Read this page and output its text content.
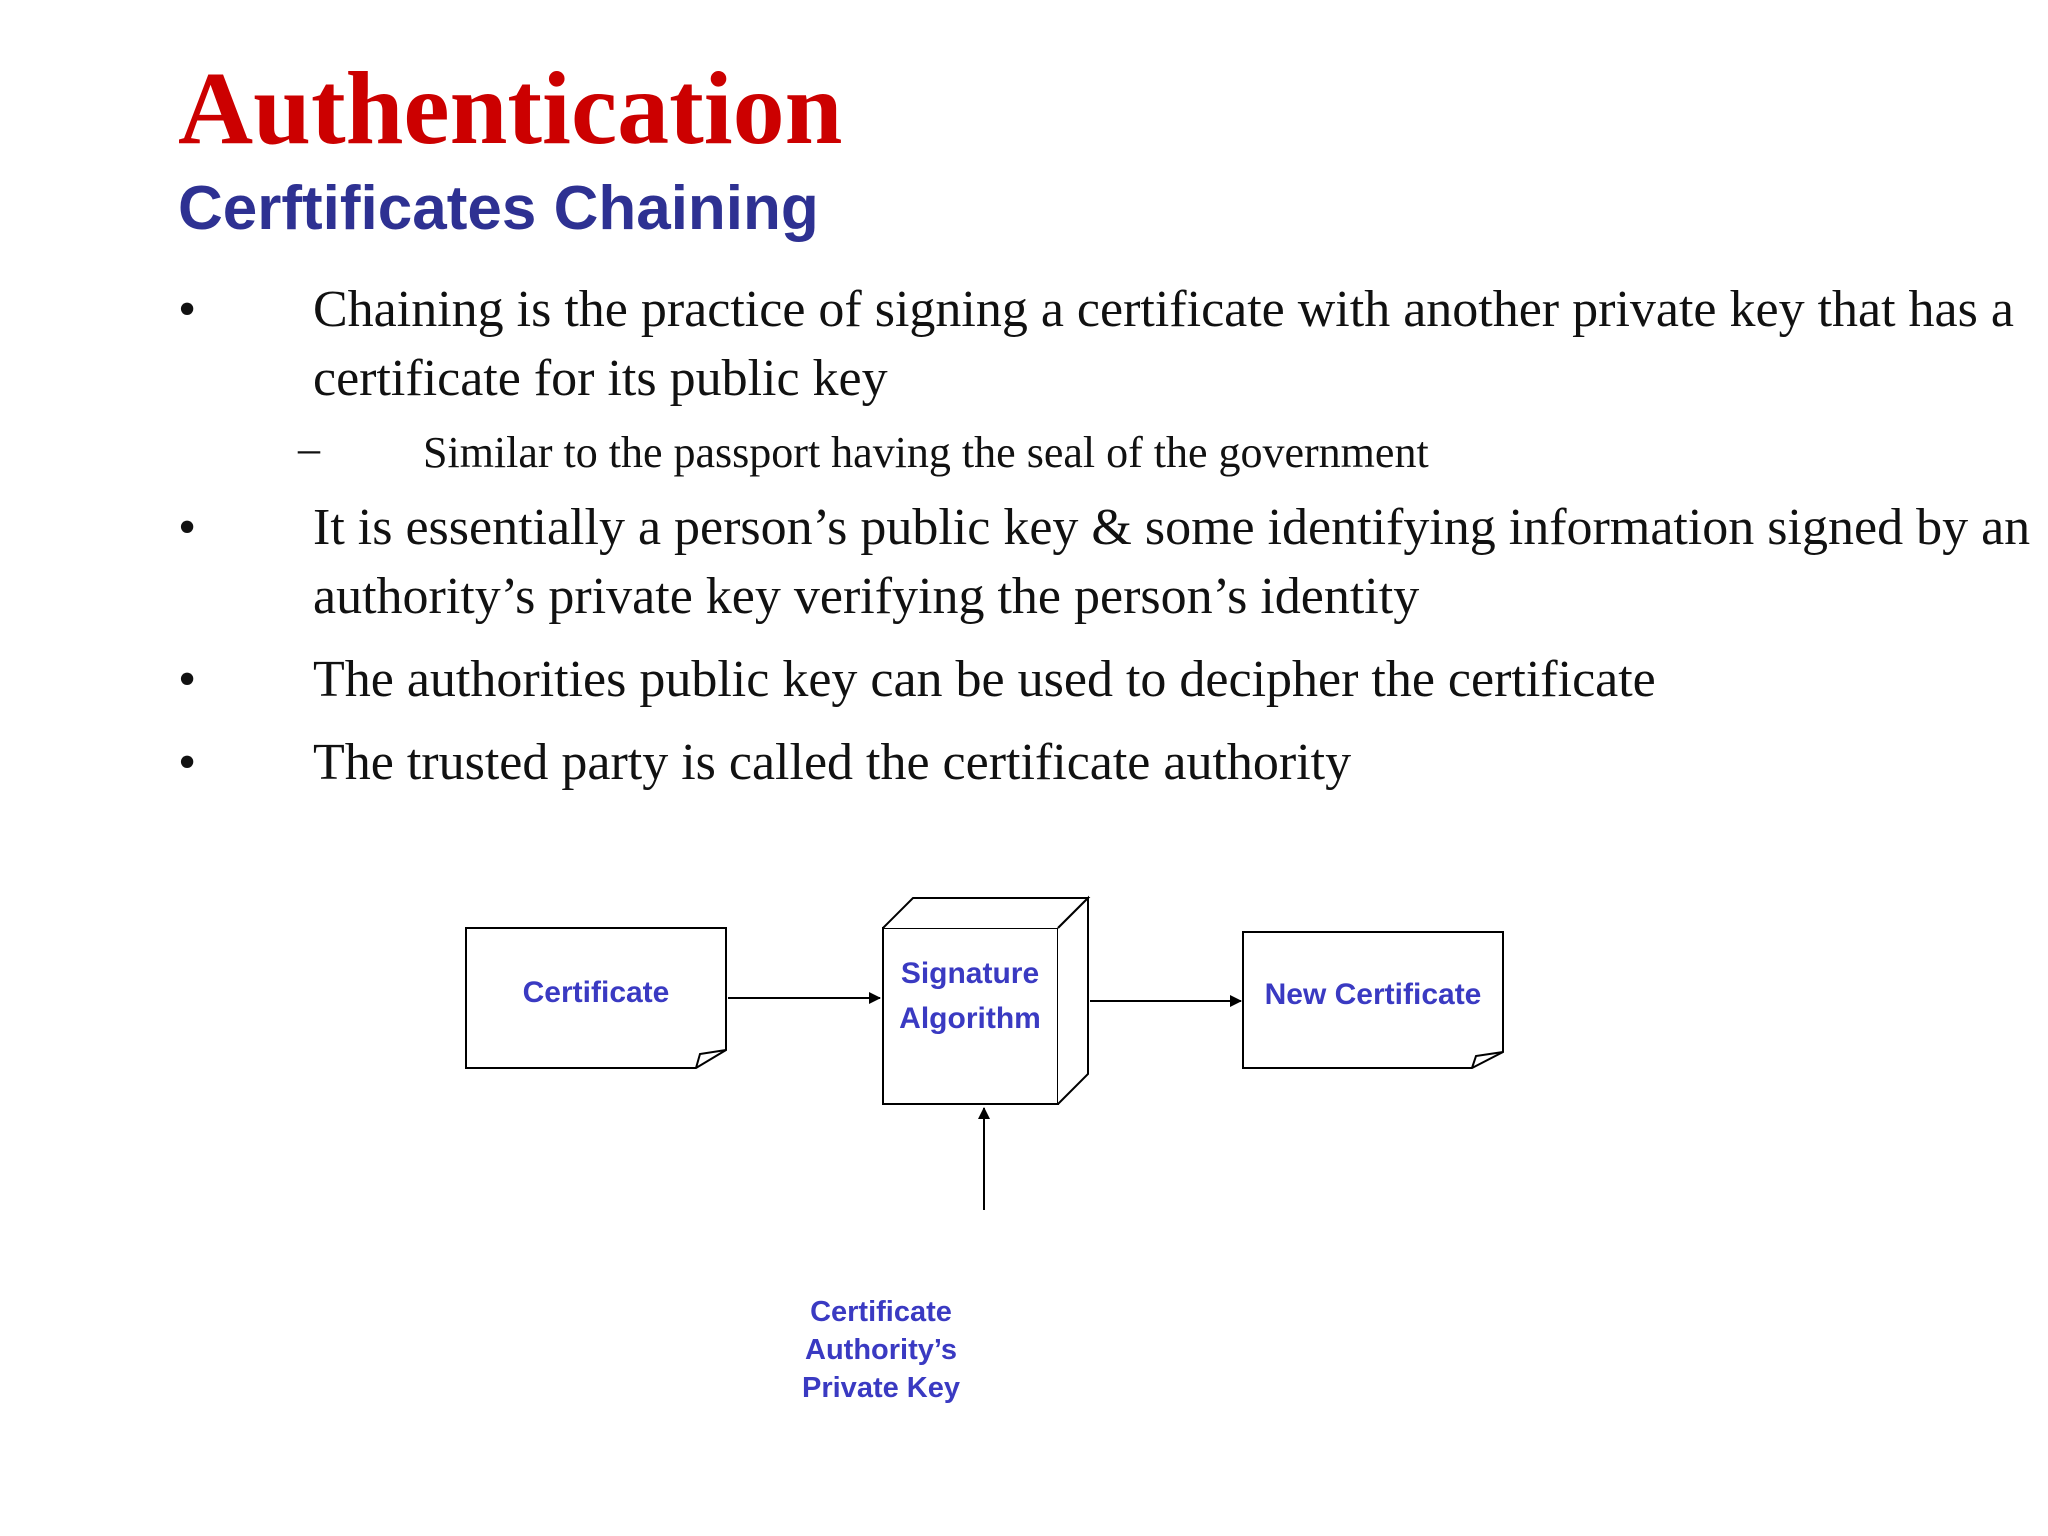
Authentication
Cerftificates Chaining
• Chaining is the practice of signing a certificate with another private key that has a certificate for its public key
– Similar to the passport having the seal of the government
• It is essentially a person’s public key & some identifying information signed by an authority’s private key verifying the person’s identity
• The authorities public key can be used to decipher the certificate
• The trusted party is called the certificate authority
Certificate
Signature
Algorithm
New Certificate
Certificate
Authority’s
Private Key
